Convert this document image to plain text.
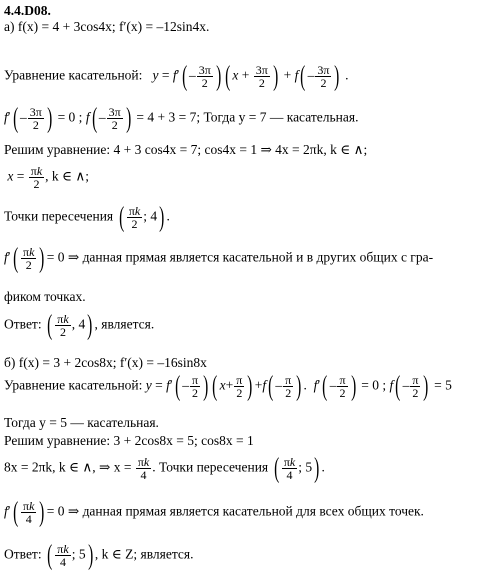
4.4.D08.
а) f(x) = 4 + 3cos4x; f′(x) = –12sin4x.
Уравнение касательной: $y = f'( - \frac{3\pi}{2}$ ) ( $x + \frac{3\pi}{2}$ ) + $f( - \frac{3\pi}{2}$ ) .
$f'( - \frac{3\pi}{2}$ ) = 0 ; $f( - \frac{3\pi}{2}$ ) = 4 + 3 = 7; Тогда y = 7 — касательная.
Решим уравнение: 4 + 3 cos4x = 7; cos4x = 1 ⇒ 4x = 2πk, k ∈ ∧;
$x = \frac{\pi k}{2}$ , k ∈ ∧;
Точки пересечения ( $\frac{\pi k}{2}$ ; 4) .
$f'( \frac{\pi k}{2}$ ) = 0 ⇒ данная прямая является касательной и в других общих с гра-
фиком точках.
Ответ: ( $\frac{\pi k}{2}$ , 4) , является.
б) f(x) = 3 + 2cos8x; f′(x) = –16sin8x
Уравнение касательной: $y = f'( - \frac{\pi}{2}$ ) ( $x+ \frac{\pi}{2}$ ) $+f( - \frac{\pi}{2}$ ) .  $f'( - \frac{\pi}{2}$ ) = 0 ; $f( - \frac{\pi}{2}$ ) = 5
Тогда y = 5 — касательная.
Решим уравнение: 3 + 2cos8x = 5; cos8x = 1
8x = 2πk, k ∈ ∧, ⇒ $x = \frac{\pi k}{4}$ . Точки пересечения ( $\frac{\pi k}{4}$ ; 5) .
$f'( \frac{\pi k}{4}$ ) = 0 ⇒ данная прямая является касательной для всех общих точек.
Ответ: ( $\frac{\pi k}{4}$ ; 5) , k ∈ Z; является.
